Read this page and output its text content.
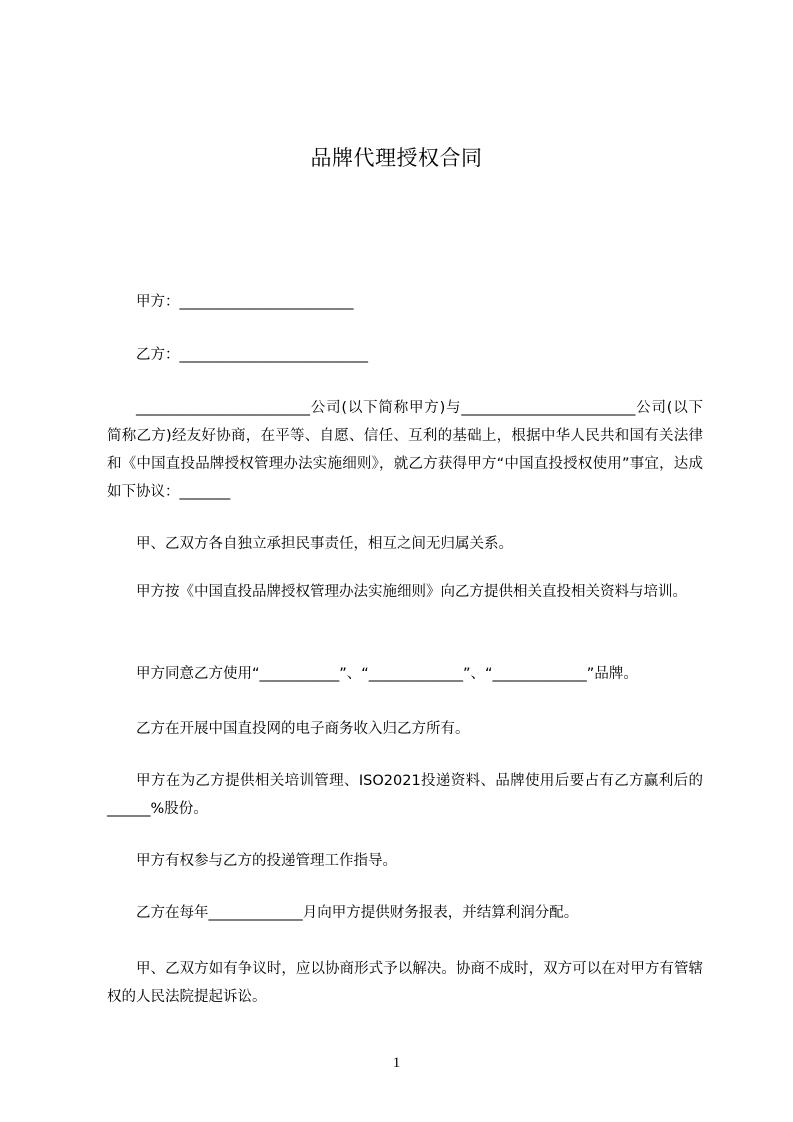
品牌代理授权合同
甲方：________________________
乙方：__________________________
________________________公司(以下简称甲方)与________________________公司(以下简称乙方)经友好协商，在平等、自愿、信任、互利的基础上，根据中华人民共和国有关法律和《中国直投品牌授权管理办法实施细则》，就乙方获得甲方“中国直投授权使用”事宜，达成如下协议：_______
甲、乙双方各自独立承担民事责任，相互之间无归属关系。
甲方按《中国直投品牌授权管理办法实施细则》向乙方提供相关直投相关资料与培训。
甲方同意乙方使用“___________”、“_____________”、“_____________”品牌。
乙方在开展中国直投网的电子商务收入归乙方所有。
甲方在为乙方提供相关培训管理、ISO2021投递资料、品牌使用后要占有乙方赢利后的______%股份。
甲方有权参与乙方的投递管理工作指导。
乙方在每年_____________月向甲方提供财务报表，并结算利润分配。
甲、乙双方如有争议时，应以协商形式予以解决。协商不成时，双方可以在对甲方有管辖权的人民法院提起诉讼。
1
